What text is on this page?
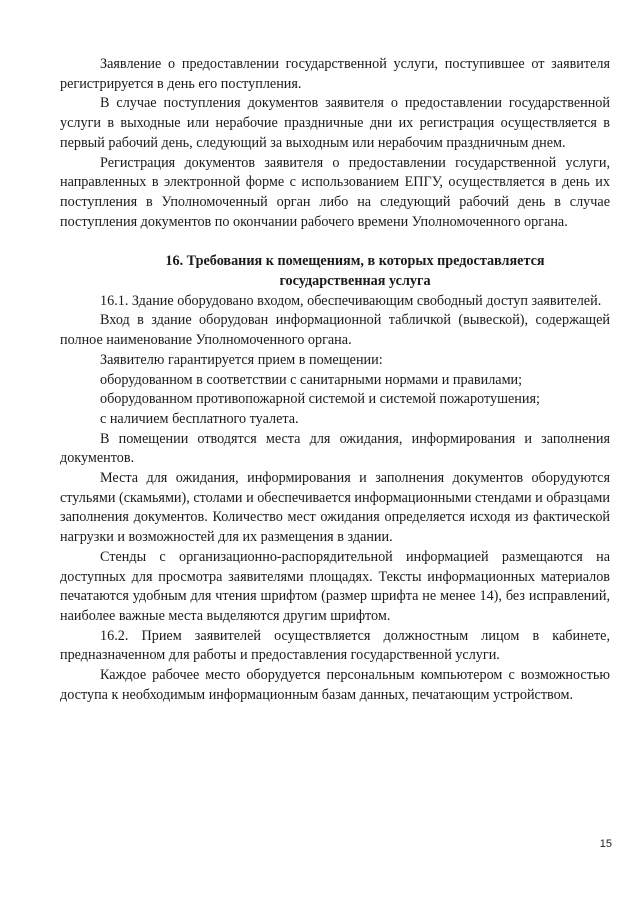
Заявление о предоставлении государственной услуги, поступившее от заявителя регистрируется в день его поступления.

В случае поступления документов заявителя о предоставлении государственной услуги в выходные или нерабочие праздничные дни их регистрация осуществляется в первый рабочий день, следующий за выходным или нерабочим праздничным днем.

Регистрация документов заявителя о предоставлении государственной услуги, направленных в электронной форме с использованием ЕПГУ, осуществляется в день их поступления в Уполномоченный орган либо на следующий рабочий день в случае поступления документов по окончании рабочего времени Уполномоченного органа.

16. Требования к помещениям, в которых предоставляется государственная услуга

16.1. Здание оборудовано входом, обеспечивающим свободный доступ заявителей.

Вход в здание оборудован информационной табличкой (вывеской), содержащей полное наименование Уполномоченного органа.

Заявителю гарантируется прием в помещении:

оборудованном в соответствии с санитарными нормами и правилами;

оборудованном противопожарной системой и системой пожаротушения;

с наличием бесплатного туалета.

В помещении отводятся места для ожидания, информирования и заполнения документов.

Места для ожидания, информирования и заполнения документов оборудуются стульями (скамьями), столами и обеспечивается информационными стендами и образцами заполнения документов. Количество мест ожидания определяется исходя из фактической нагрузки и возможностей для их размещения в здании.

Стенды с организационно-распорядительной информацией размещаются на доступных для просмотра заявителями площадях. Тексты информационных материалов печатаются удобным для чтения шрифтом (размер шрифта не менее 14), без исправлений, наиболее важные места выделяются другим шрифтом.

16.2. Прием заявителей осуществляется должностным лицом в кабинете, предназначенном для работы и предоставления государственной услуги.

Каждое рабочее место оборудуется персональным компьютером с возможностью доступа к необходимым информационным базам данных, печатающим устройством.

15
